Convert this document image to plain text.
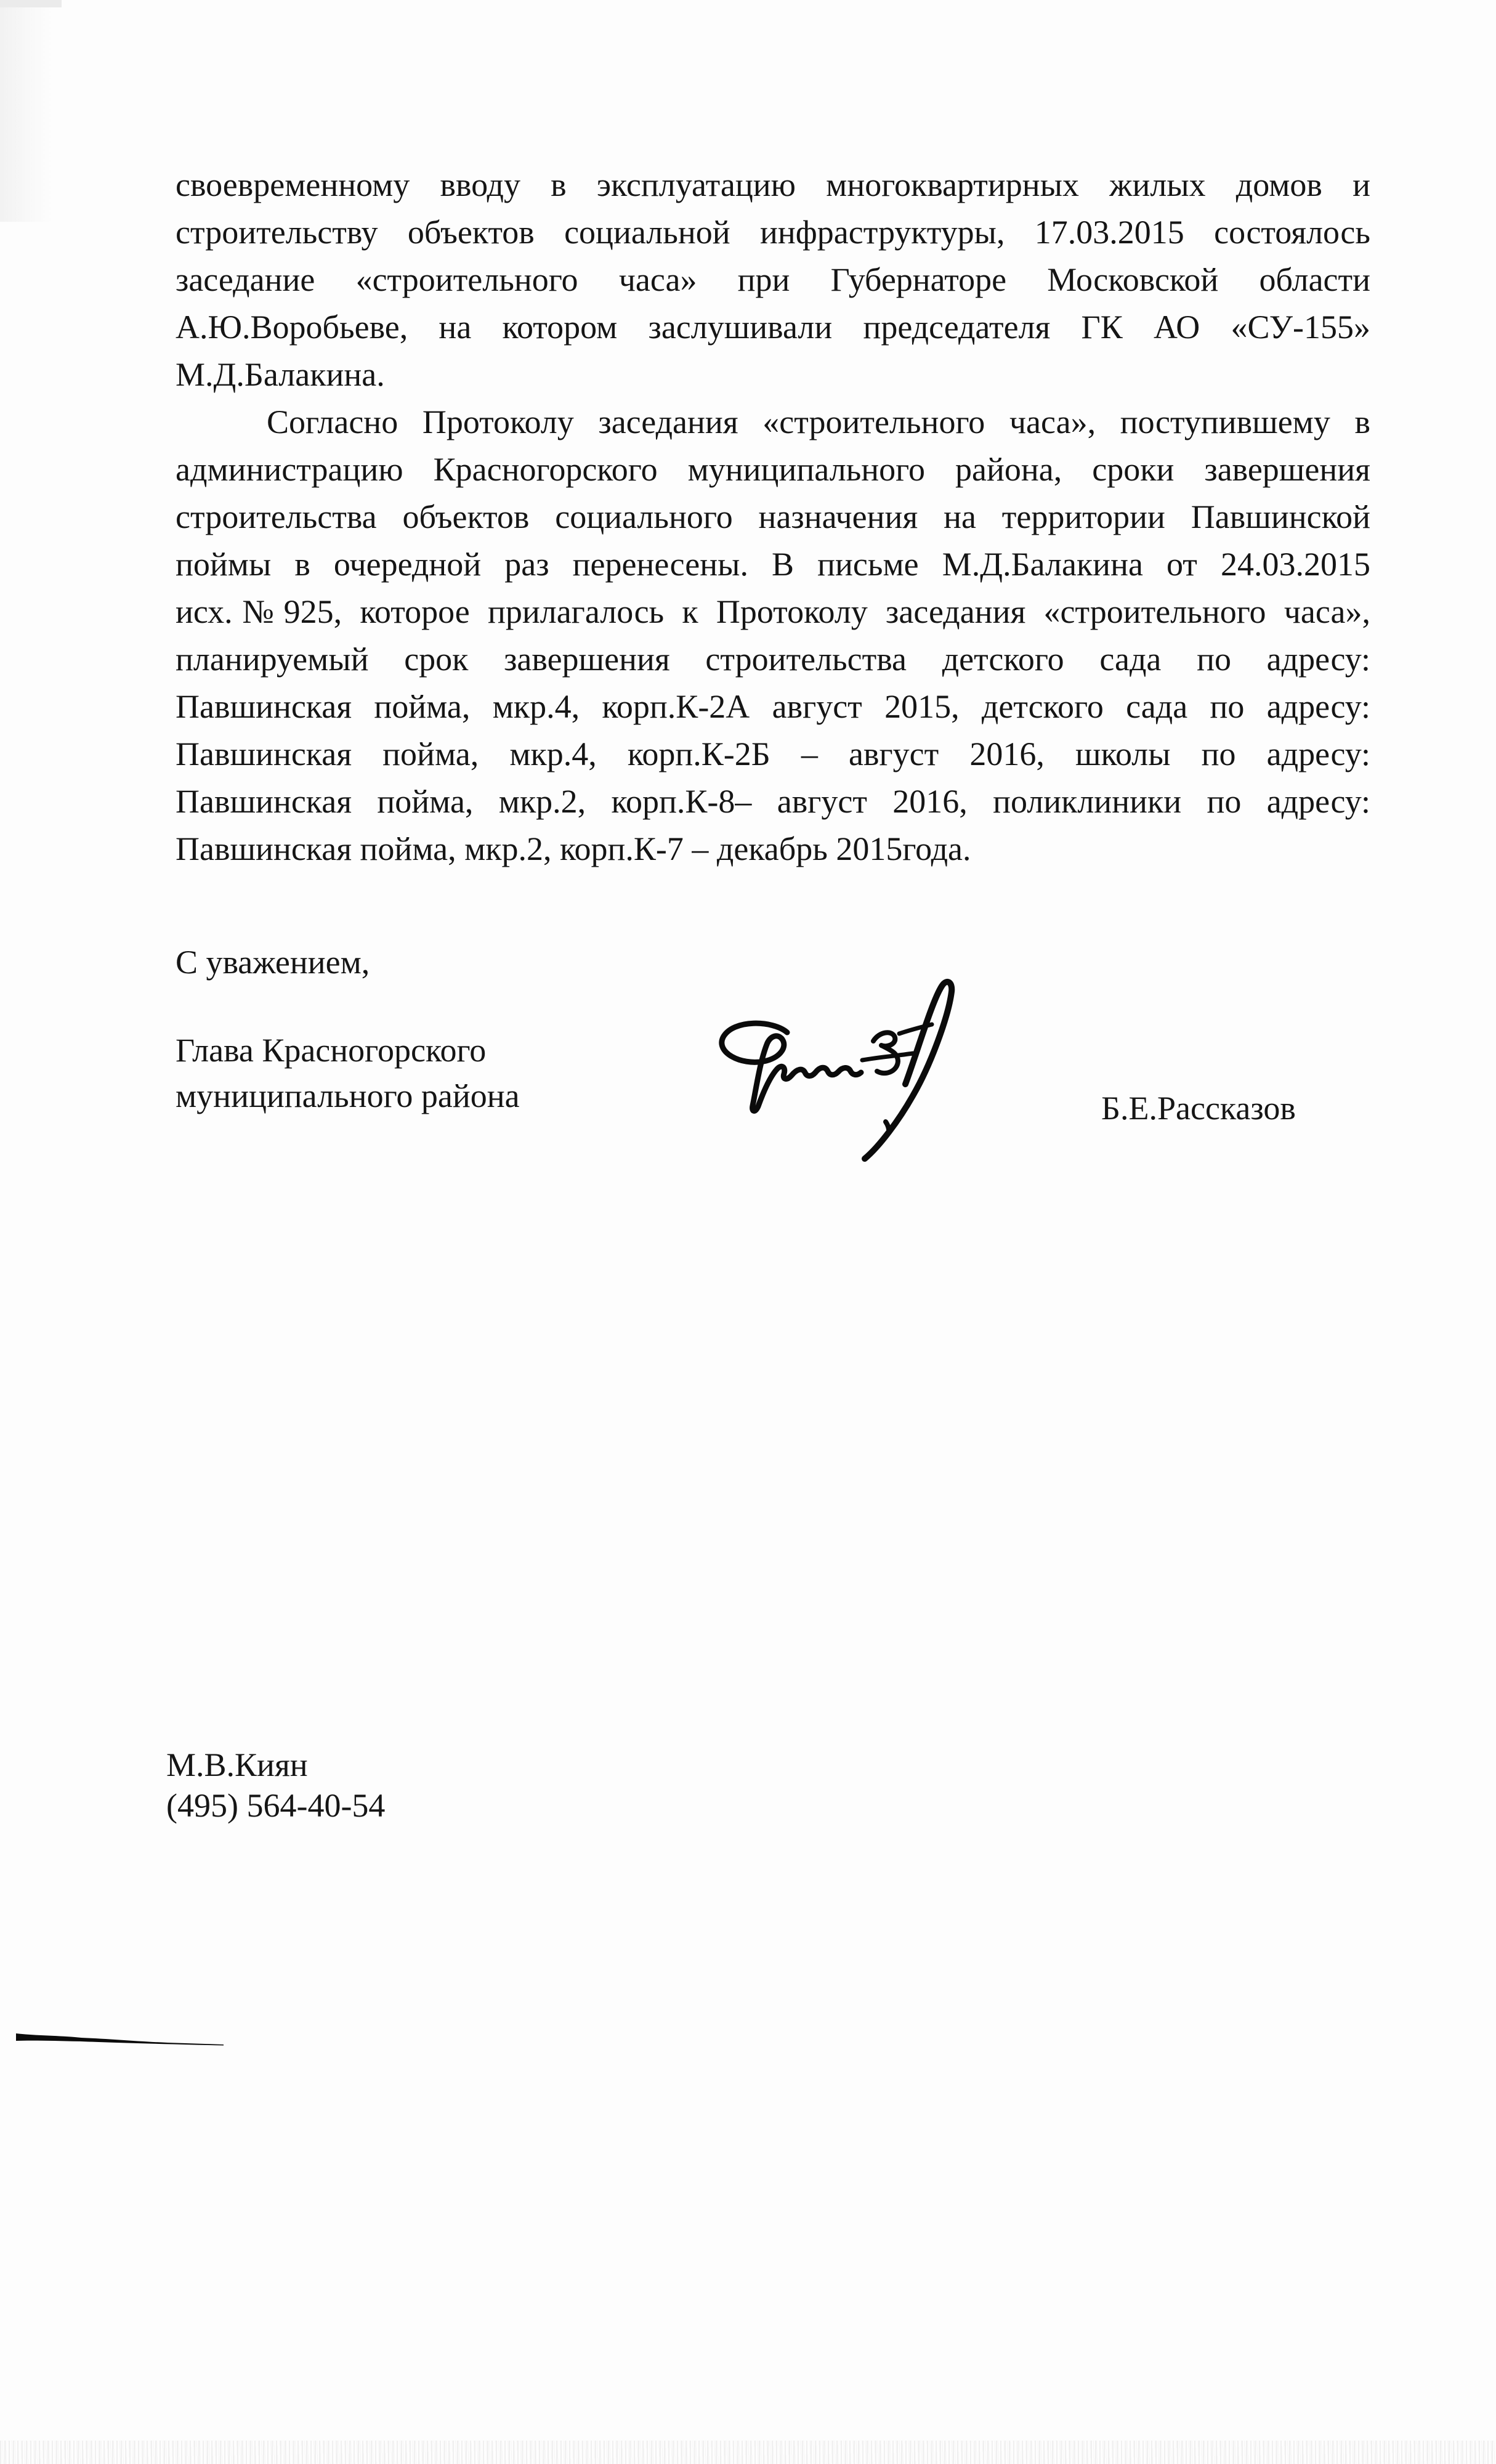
своевременному вводу в эксплуатацию многоквартирных жилых домов и
строительству объектов социальной инфраструктуры, 17.03.2015 состоялось
заседание «строительного часа» при Губернаторе Московской области
А.Ю.Воробьеве, на котором заслушивали председателя ГК АО «СУ-155»
М.Д.Балакина.
Согласно Протоколу заседания «строительного часа», поступившему в
администрацию Красногорского муниципального района, сроки завершения
строительства объектов социального назначения на территории Павшинской
поймы в очередной раз перенесены. В письме М.Д.Балакина от 24.03.2015
исх.№925, которое прилагалось к Протоколу заседания «строительного часа»,
планируемый срок завершения строительства детского сада по адресу:
Павшинская пойма, мкр.4, корп.К-2А август 2015, детского сада по адресу:
Павшинская пойма, мкр.4, корп.К-2Б – август 2016, школы по адресу:
Павшинская пойма, мкр.2, корп.К-8– август 2016, поликлиники по адресу:
Павшинская пойма, мкр.2, корп.К-7 – декабрь 2015года.
С уважением,
Глава Красногорского
муниципального района	Б.Е.Рассказов
М.В.Киян
(495) 564-40-54
